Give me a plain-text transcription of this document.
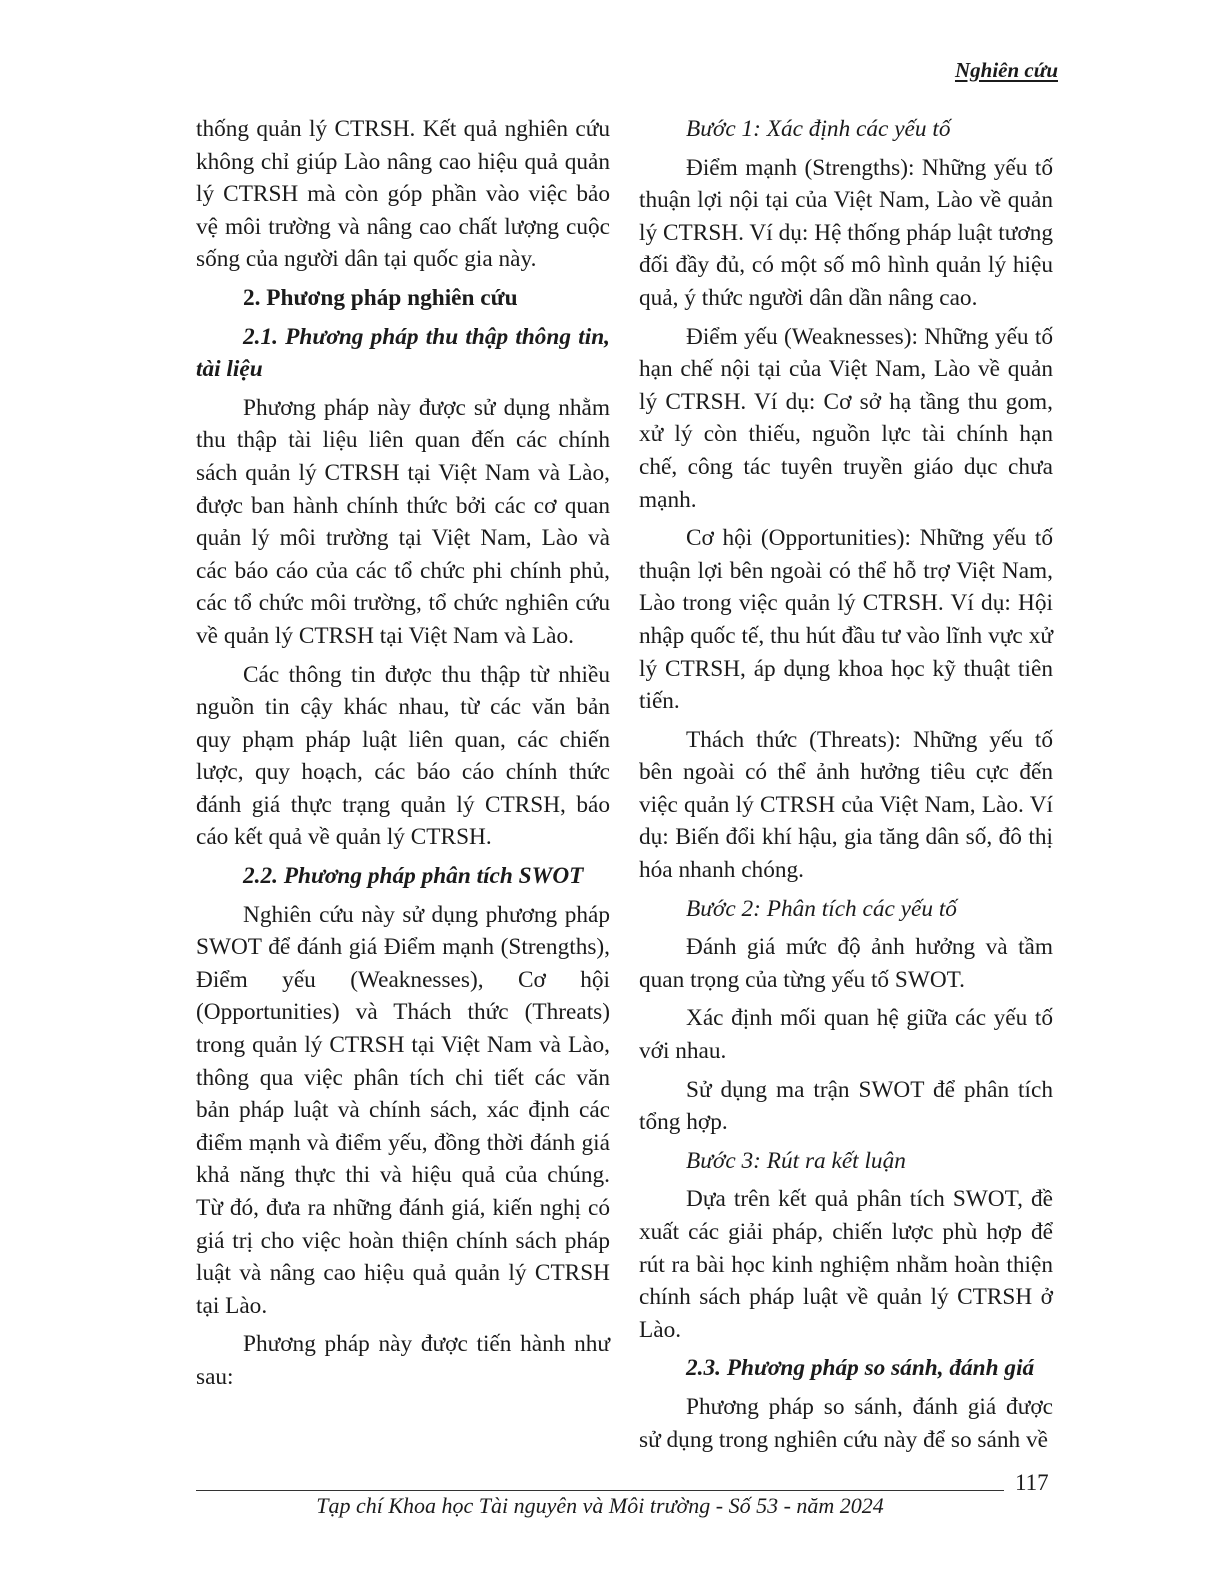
Nghiên cứu

thống quản lý CTRSH. Kết quả nghiên cứu không chỉ giúp Lào nâng cao hiệu quả quản lý CTRSH mà còn góp phần vào việc bảo vệ môi trường và nâng cao chất lượng cuộc sống của người dân tại quốc gia này.

2. Phương pháp nghiên cứu
2.1. Phương pháp thu thập thông tin, tài liệu

Phương pháp này được sử dụng nhằm thu thập tài liệu liên quan đến các chính sách quản lý CTRSH tại Việt Nam và Lào, được ban hành chính thức bởi các cơ quan quản lý môi trường tại Việt Nam, Lào và các báo cáo của các tổ chức phi chính phủ, các tổ chức môi trường, tổ chức nghiên cứu về quản lý CTRSH tại Việt Nam và Lào.

Các thông tin được thu thập từ nhiều nguồn tin cậy khác nhau, từ các văn bản quy phạm pháp luật liên quan, các chiến lược, quy hoạch, các báo cáo chính thức đánh giá thực trạng quản lý CTRSH, báo cáo kết quả về quản lý CTRSH.

2.2. Phương pháp phân tích SWOT

Nghiên cứu này sử dụng phương pháp SWOT để đánh giá Điểm mạnh (Strengths), Điểm yếu (Weaknesses), Cơ hội (Opportunities) và Thách thức (Threats) trong quản lý CTRSH tại Việt Nam và Lào, thông qua việc phân tích chi tiết các văn bản pháp luật và chính sách, xác định các điểm mạnh và điểm yếu, đồng thời đánh giá khả năng thực thi và hiệu quả của chúng. Từ đó, đưa ra những đánh giá, kiến nghị có giá trị cho việc hoàn thiện chính sách pháp luật và nâng cao hiệu quả quản lý CTRSH tại Lào.

Phương pháp này được tiến hành như sau:

Bước 1: Xác định các yếu tố

Điểm mạnh (Strengths): Những yếu tố thuận lợi nội tại của Việt Nam, Lào về quản lý CTRSH. Ví dụ: Hệ thống pháp luật tương đối đầy đủ, có một số mô hình quản lý hiệu quả, ý thức người dân dần nâng cao.

Điểm yếu (Weaknesses): Những yếu tố hạn chế nội tại của Việt Nam, Lào về quản lý CTRSH. Ví dụ: Cơ sở hạ tầng thu gom, xử lý còn thiếu, nguồn lực tài chính hạn chế, công tác tuyên truyền giáo dục chưa mạnh.

Cơ hội (Opportunities): Những yếu tố thuận lợi bên ngoài có thể hỗ trợ Việt Nam, Lào trong việc quản lý CTRSH. Ví dụ: Hội nhập quốc tế, thu hút đầu tư vào lĩnh vực xử lý CTRSH, áp dụng khoa học kỹ thuật tiên tiến.

Thách thức (Threats): Những yếu tố bên ngoài có thể ảnh hưởng tiêu cực đến việc quản lý CTRSH của Việt Nam, Lào. Ví dụ: Biến đổi khí hậu, gia tăng dân số, đô thị hóa nhanh chóng.

Bước 2: Phân tích các yếu tố

Đánh giá mức độ ảnh hưởng và tầm quan trọng của từng yếu tố SWOT.

Xác định mối quan hệ giữa các yếu tố với nhau.

Sử dụng ma trận SWOT để phân tích tổng hợp.

Bước 3: Rút ra kết luận

Dựa trên kết quả phân tích SWOT, đề xuất các giải pháp, chiến lược phù hợp để rút ra bài học kinh nghiệm nhằm hoàn thiện chính sách pháp luật về quản lý CTRSH ở Lào.

2.3. Phương pháp so sánh, đánh giá

Phương pháp so sánh, đánh giá được sử dụng trong nghiên cứu này để so sánh về

117
Tạp chí Khoa học Tài nguyên và Môi trường - Số 53 - năm 2024
